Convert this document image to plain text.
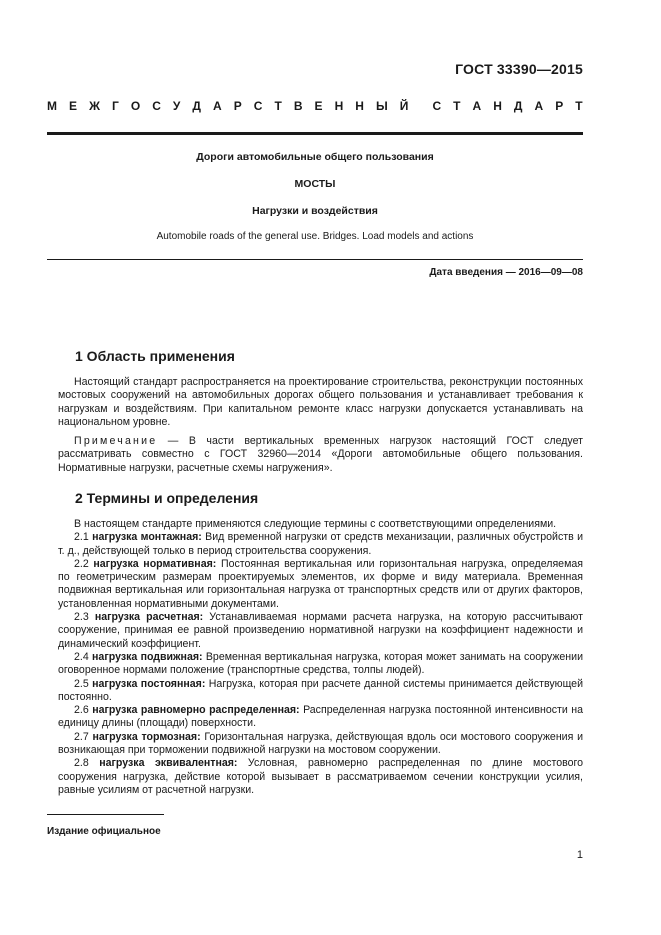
ГОСТ 33390—2015
М Е Ж Г О С У Д А Р С Т В Е Н Н Ы Й С Т А Н Д А Р Т
Дороги автомобильные общего пользования
МОСТЫ
Нагрузки и воздействия
Automobile roads of the general use. Bridges. Load models and actions
Дата введения — 2016—09—08
1 Область применения

Настоящий стандарт распространяется на проектирование строительства, реконструкции постоянных мостовых сооружений на автомобильных дорогах общего пользования и устанавливает требования к нагрузкам и воздействиям. При капитальном ремонте класс нагрузки допускается устанавливать на национальном уровне.

Примечание — В части вертикальных временных нагрузок настоящий ГОСТ следует рассматривать совместно с ГОСТ 32960—2014 «Дороги автомобильные общего пользования. Нормативные нагрузки, расчетные схемы нагружения».

2 Термины и определения

В настоящем стандарте применяются следующие термины с соответствующими определениями.

2.1 нагрузка монтажная: Вид временной нагрузки от средств механизации, различных обустройств и т. д., действующей только в период строительства сооружения.

2.2 нагрузка нормативная: Постоянная вертикальная или горизонтальная нагрузка, определяемая по геометрическим размерам проектируемых элементов, их форме и виду материала. Временная подвижная вертикальная или горизонтальная нагрузка от транспортных средств или от других факторов, установленная нормативными документами.

2.3 нагрузка расчетная: Устанавливаемая нормами расчета нагрузка, на которую рассчитывают сооружение, принимая ее равной произведению нормативной нагрузки на коэффициент надежности и динамический коэффициент.

2.4 нагрузка подвижная: Временная вертикальная нагрузка, которая может занимать на сооружении оговоренное нормами положение (транспортные средства, толпы людей).

2.5 нагрузка постоянная: Нагрузка, которая при расчете данной системы принимается действующей постоянно.

2.6 нагрузка равномерно распределенная: Распределенная нагрузка постоянной интенсивности на единицу длины (площади) поверхности.

2.7 нагрузка тормозная: Горизонтальная нагрузка, действующая вдоль оси мостового сооружения и возникающая при торможении подвижной нагрузки на мостовом сооружении.

2.8 нагрузка эквивалентная: Условная, равномерно распределенная по длине мостового сооружения нагрузка, действие которой вызывает в рассматриваемом сечении конструкции усилия, равные усилиям от расчетной нагрузки.

Издание официальное
1
